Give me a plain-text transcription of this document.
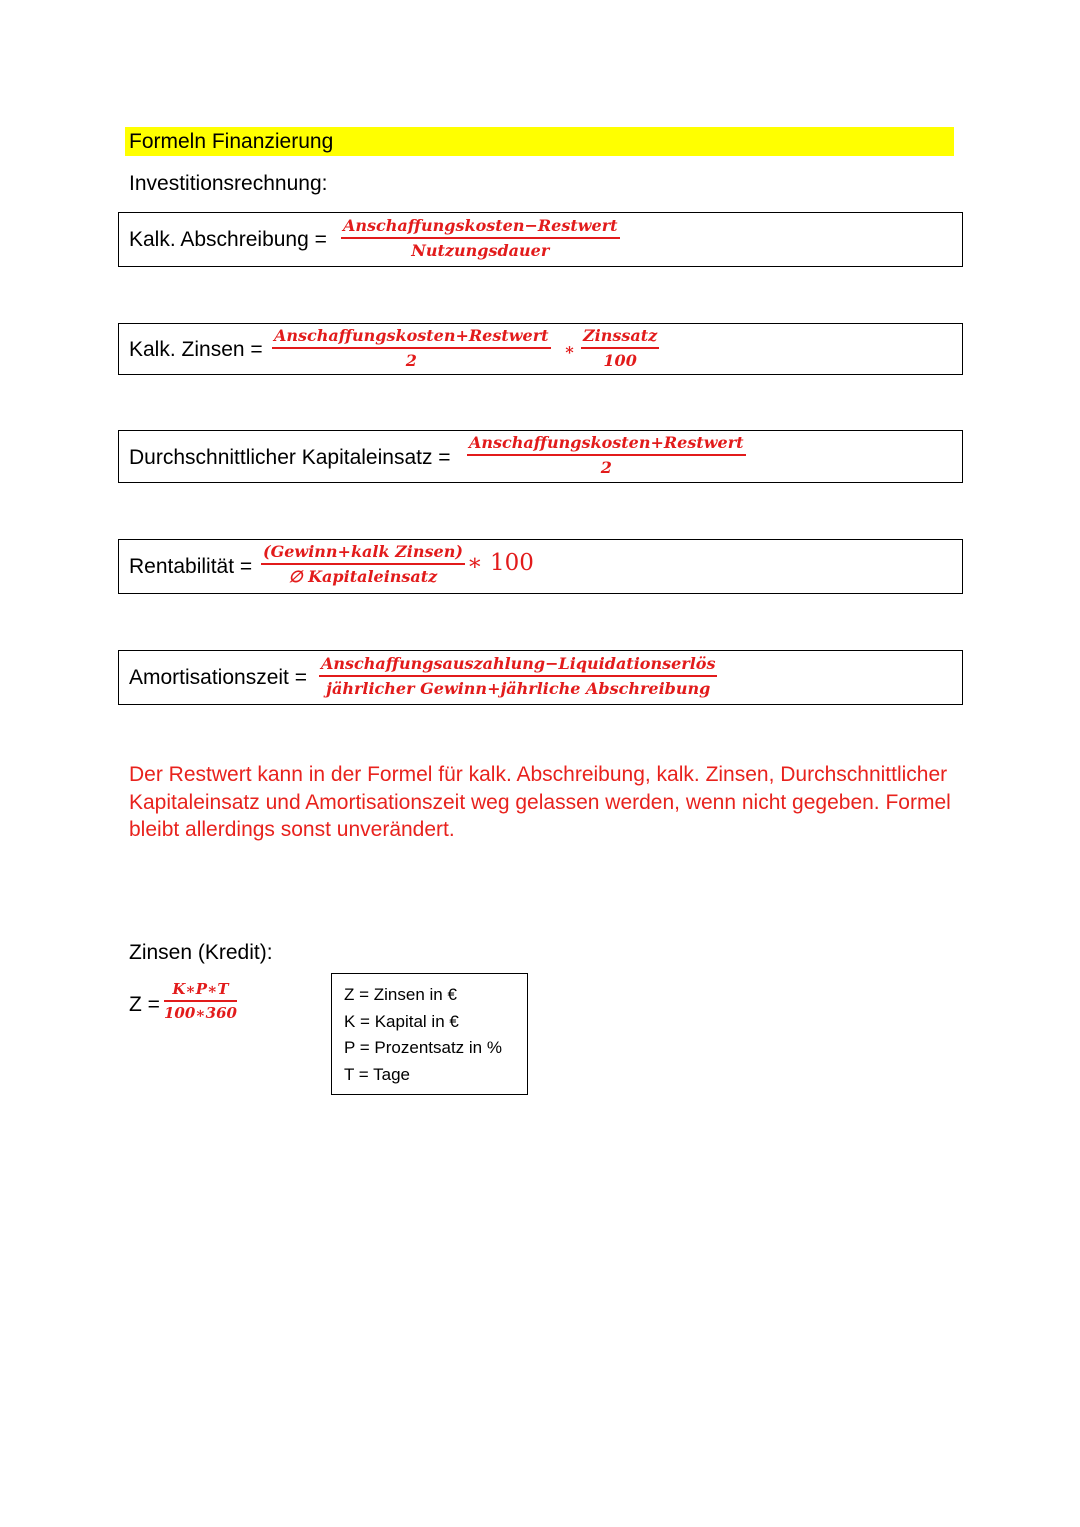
Formeln Finanzierung
Investitionsrechnung:
Kalk. Abschreibung =
Anschaffungskosten−Restwert
Nutzungsdauer
Kalk. Zinsen =
Anschaffungskosten+Restwert
2
∗
Zinssatz
100
Durchschnittlicher Kapitaleinsatz =
Anschaffungskosten+Restwert
2
Rentabilität =
(Gewinn+kalk Zinsen)
∅ Kapitaleinsatz
∗ 100
Amortisationszeit =
Anschaffungsauszahlung−Liquidationserlös
jährlicher Gewinn+jährliche Abschreibung
Der Restwert kann in der Formel für kalk. Abschreibung, kalk. Zinsen, Durchschnittlicher Kapitaleinsatz und Amortisationszeit weg gelassen werden, wenn nicht gegeben. Formel bleibt allerdings sonst unverändert.
Zinsen (Kredit):
Z =
K∗P∗T
100∗360
Z = Zinsen in €
K = Kapital in €
P = Prozentsatz in %
T = Tage
